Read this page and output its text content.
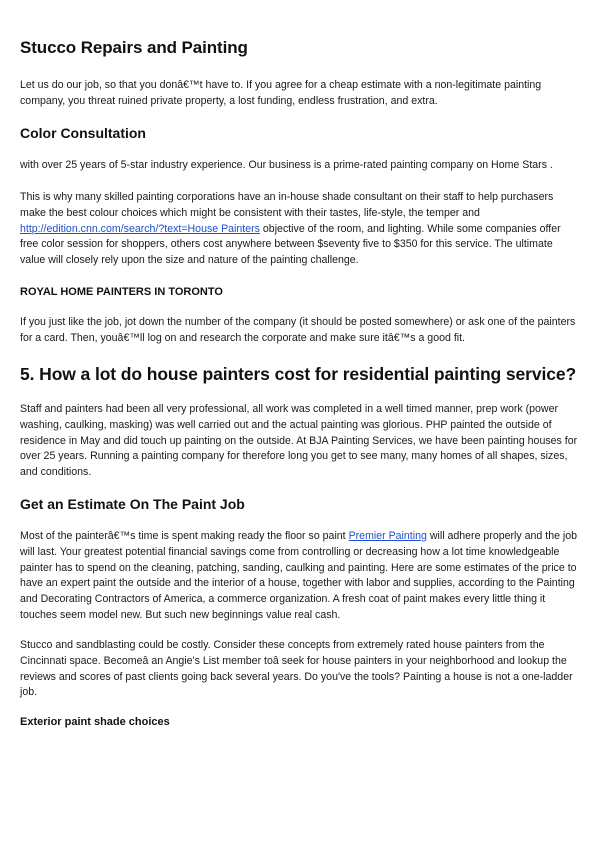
Stucco Repairs and Painting

Let us do our job, so that you donâ€™t have to. If you agree for a cheap estimate with a non-legitimate painting company, you threat ruined private property, a lost funding, endless frustration, and extra.

Color Consultation

with over 25 years of 5-star industry experience. Our business is a prime-rated painting company on Home Stars .

This is why many skilled painting corporations have an in-house shade consultant on their staff to help purchasers make the best colour choices which might be consistent with their tastes, life-style, the temper and http://edition.cnn.com/search/?text=House Painters objective of the room, and lighting. While some companies offer free color session for shoppers, others cost anywhere between $seventy five to $350 for this service. The ultimate value will closely rely upon the size and nature of the painting challenge.

ROYAL HOME PAINTERS IN TORONTO

If you just like the job, jot down the number of the company (it should be posted somewhere) or ask one of the painters for a card. Then, youâ€™ll log on and research the corporate and make sure itâ€™s a good fit.

5. How a lot do house painters cost for residential painting service?

Staff and painters had been all very professional, all work was completed in a well timed manner, prep work (power washing, caulking, masking) was well carried out and the actual painting was glorious. PHP painted the outside of residence in May and did touch up painting on the outside. At BJA Painting Services, we have been painting houses for over 25 years. Running a painting company for therefore long you get to see many, many homes of all shapes, sizes, and conditions.

Get an Estimate On The Paint Job

Most of the painterâ€™s time is spent making ready the floor so paint Premier Painting will adhere properly and the job will last. Your greatest potential financial savings come from controlling or decreasing how a lot time knowledgeable painter has to spend on the cleaning, patching, sanding, caulking and painting. Here are some estimates of the price to have an expert paint the outside and the interior of a house, together with labor and supplies, according to the Painting and Decorating Contractors of America, a commerce organization. A fresh coat of paint makes every little thing it touches seem model new. But such new beginnings value real cash.

Stucco and sandblasting could be costly. Consider these concepts from extremely rated house painters from the Cincinnati space. Becomeâ an Angie's List member toâ seek for house painters in your neighborhood and lookup the reviews and scores of past clients going back several years. Do you've the tools? Painting a house is not a one-ladder job.

Exterior paint shade choices
